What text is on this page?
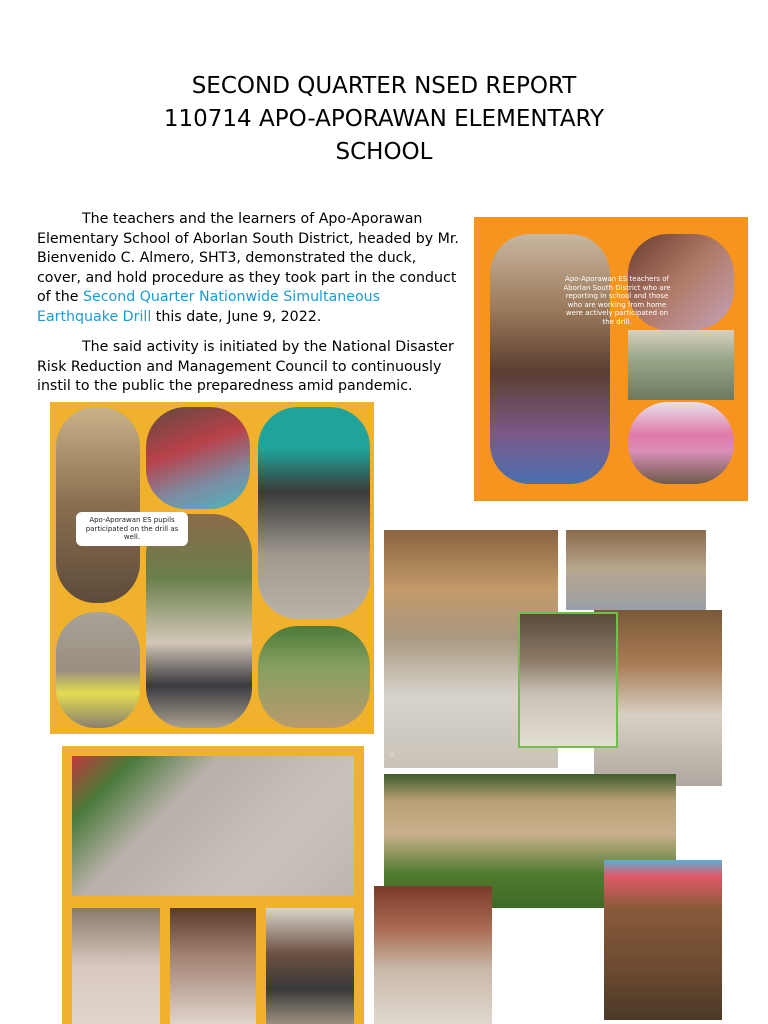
SECOND QUARTER NSED REPORT
110714 APO-APORAWAN ELEMENTARY
SCHOOL

The teachers and the learners of Apo-Aporawan Elementary School of Aborlan South District, headed by Mr. Bienvenido C. Almero, SHT3, demonstrated the duck, cover, and hold procedure as they took part in the conduct of the Second Quarter Nationwide Simultaneous Earthquake Drill this date, June 9, 2022.

The said activity is initiated by the National Disaster Risk Reduction and Management Council to continuously instil to the public the preparedness amid pandemic.

Apo-Aporawan ES teachers of Aborlan South District who are reporting in school and those who are working from home were actively participated on the drill.
Apo-Aporawan ES pupils participated on the drill as well.
◎
